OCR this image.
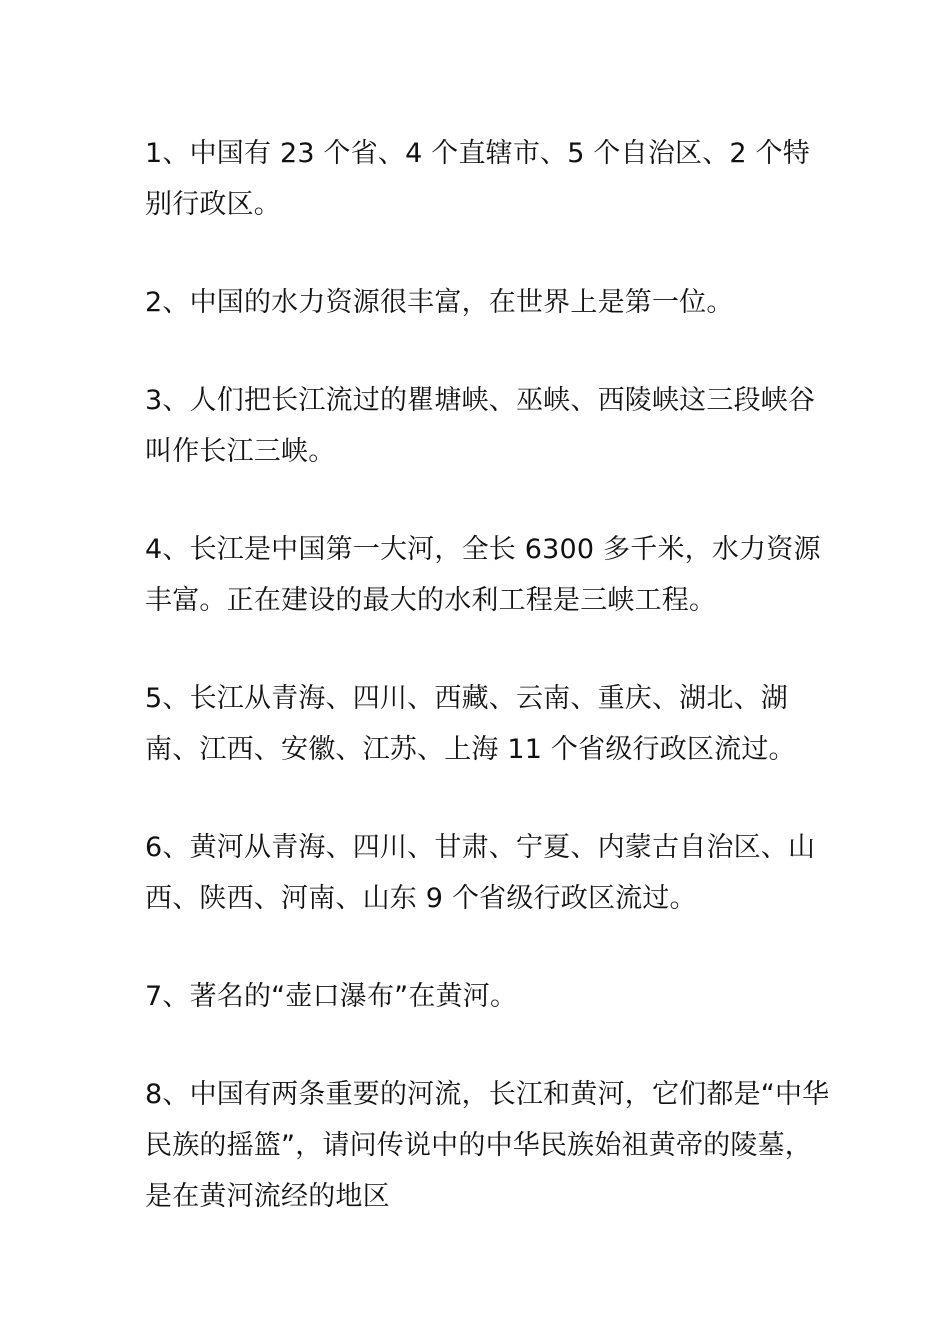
1、中国有 23 个省、4 个直辖市、5 个自治区、2 个特别行政区。

2、中国的水力资源很丰富，在世界上是第一位。

3、人们把长江流过的瞿塘峡、巫峡、西陵峡这三段峡谷叫作长江三峡。

4、长江是中国第一大河，全长 6300 多千米，水力资源丰富。正在建设的最大的水利工程是三峡工程。

5、长江从青海、四川、西藏、云南、重庆、湖北、湖南、江西、安徽、江苏、上海 11 个省级行政区流过。

6、黄河从青海、四川、甘肃、宁夏、内蒙古自治区、山西、陕西、河南、山东 9 个省级行政区流过。

7、著名的“壶口瀑布”在黄河。

8、中国有两条重要的河流，长江和黄河，它们都是“中华民族的摇篮”，请问传说中的中华民族始祖黄帝的陵墓，是在黄河流经的地区
